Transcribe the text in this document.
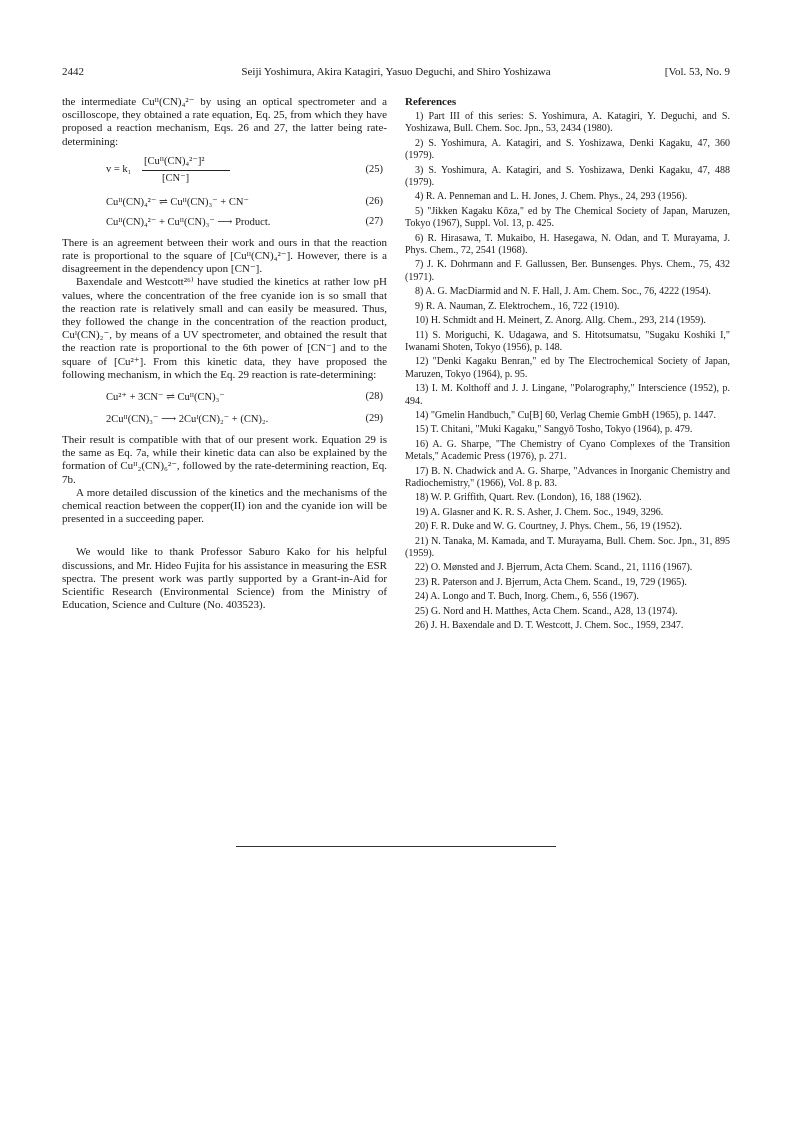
2442	Seiji Yoshimura, Akira Katagiri, Yasuo Deguchi, and Shiro Yoshizawa	[Vol. 53, No. 9

the intermediate Cuᴵᴵ(CN)₄²⁻ by using an optical spectrometer and a oscilloscope, they obtained a rate equation, Eq. 25, from which they have proposed a reaction mechanism, Eqs. 26 and 27, the latter being rate-determining:

v = k₁
[Cuᴵᴵ(CN)₄²⁻]²
[CN⁻]
(25)
Cuᴵᴵ(CN)₄²⁻ ⇌ Cuᴵᴵ(CN)₃⁻ + CN⁻	(26)
Cuᴵᴵ(CN)₄²⁻ + Cuᴵᴵ(CN)₃⁻ ⟶ Product.	(27)

There is an agreement between their work and ours in that the reaction rate is proportional to the square of [Cuᴵᴵ(CN)₄²⁻]. However, there is a disagreement in the dependency upon [CN⁻].

Baxendale and Westcott²⁶⁾ have studied the kinetics at rather low pH values, where the concentration of the free cyanide ion is so small that the reaction rate is relatively small and can easily be measured. Thus, they followed the change in the concentration of the reaction product, Cuᴵ(CN)₂⁻, by means of a UV spectrometer, and obtained the result that the reaction rate is proportional to the 6th power of [CN⁻] and to the square of [Cu²⁺]. From this kinetic data, they have proposed the following mechanism, in which the Eq. 29 reaction is rate-determining:

Cu²⁺ + 3CN⁻ ⇌ Cuᴵᴵ(CN)₃⁻	(28)
2Cuᴵᴵ(CN)₃⁻ ⟶ 2Cuᴵ(CN)₂⁻ + (CN)₂.	(29)

Their result is compatible with that of our present work. Equation 29 is the same as Eq. 7a, while their kinetic data can also be explained by the formation of Cuᴵᴵ₂(CN)₆²⁻, followed by the rate-determining reaction, Eq. 7b.

A more detailed discussion of the kinetics and the mechanisms of the chemical reaction between the copper(II) ion and the cyanide ion will be presented in a succeeding paper.

We would like to thank Professor Saburo Kako for his helpful discussions, and Mr. Hideo Fujita for his assistance in measuring the ESR spectra. The present work was partly supported by a Grant-in-Aid for Scientific Research (Environmental Science) from the Ministry of Education, Science and Culture (No. 403523).

References
1) Part III of this series: S. Yoshimura, A. Katagiri, Y. Deguchi, and S. Yoshizawa, Bull. Chem. Soc. Jpn., 53, 2434 (1980).
2) S. Yoshimura, A. Katagiri, and S. Yoshizawa, Denki Kagaku, 47, 360 (1979).
3) S. Yoshimura, A. Katagiri, and S. Yoshizawa, Denki Kagaku, 47, 488 (1979).
4) R. A. Penneman and L. H. Jones, J. Chem. Phys., 24, 293 (1956).
5) "Jikken Kagaku Kōza," ed by The Chemical Society of Japan, Maruzen, Tokyo (1967), Suppl. Vol. 13, p. 425.
6) R. Hirasawa, T. Mukaibo, H. Hasegawa, N. Odan, and T. Murayama, J. Phys. Chem., 72, 2541 (1968).
7) J. K. Dohrmann and F. Gallussen, Ber. Bunsenges. Phys. Chem., 75, 432 (1971).
8) A. G. MacDiarmid and N. F. Hall, J. Am. Chem. Soc., 76, 4222 (1954).
9) R. A. Nauman, Z. Elektrochem., 16, 722 (1910).
10) H. Schmidt and H. Meinert, Z. Anorg. Allg. Chem., 293, 214 (1959).
11) S. Moriguchi, K. Udagawa, and S. Hitotsumatsu, "Sugaku Koshiki I," Iwanami Shoten, Tokyo (1956), p. 148.
12) "Denki Kagaku Benran," ed by The Electrochemical Society of Japan, Maruzen, Tokyo (1964), p. 95.
13) I. M. Kolthoff and J. J. Lingane, "Polarography," Interscience (1952), p. 494.
14) "Gmelin Handbuch," Cu[B] 60, Verlag Chemie GmbH (1965), p. 1447.
15) T. Chitani, "Muki Kagaku," Sangyō Tosho, Tokyo (1964), p. 479.
16) A. G. Sharpe, "The Chemistry of Cyano Complexes of the Transition Metals," Academic Press (1976), p. 271.
17) B. N. Chadwick and A. G. Sharpe, "Advances in Inorganic Chemistry and Radiochemistry," (1966), Vol. 8 p. 83.
18) W. P. Griffith, Quart. Rev. (London), 16, 188 (1962).
19) A. Glasner and K. R. S. Asher, J. Chem. Soc., 1949, 3296.
20) F. R. Duke and W. G. Courtney, J. Phys. Chem., 56, 19 (1952).
21) N. Tanaka, M. Kamada, and T. Murayama, Bull. Chem. Soc. Jpn., 31, 895 (1959).
22) O. Mønsted and J. Bjerrum, Acta Chem. Scand., 21, 1116 (1967).
23) R. Paterson and J. Bjerrum, Acta Chem. Scand., 19, 729 (1965).
24) A. Longo and T. Buch, Inorg. Chem., 6, 556 (1967).
25) G. Nord and H. Matthes, Acta Chem. Scand., A28, 13 (1974).
26) J. H. Baxendale and D. T. Westcott, J. Chem. Soc., 1959, 2347.
